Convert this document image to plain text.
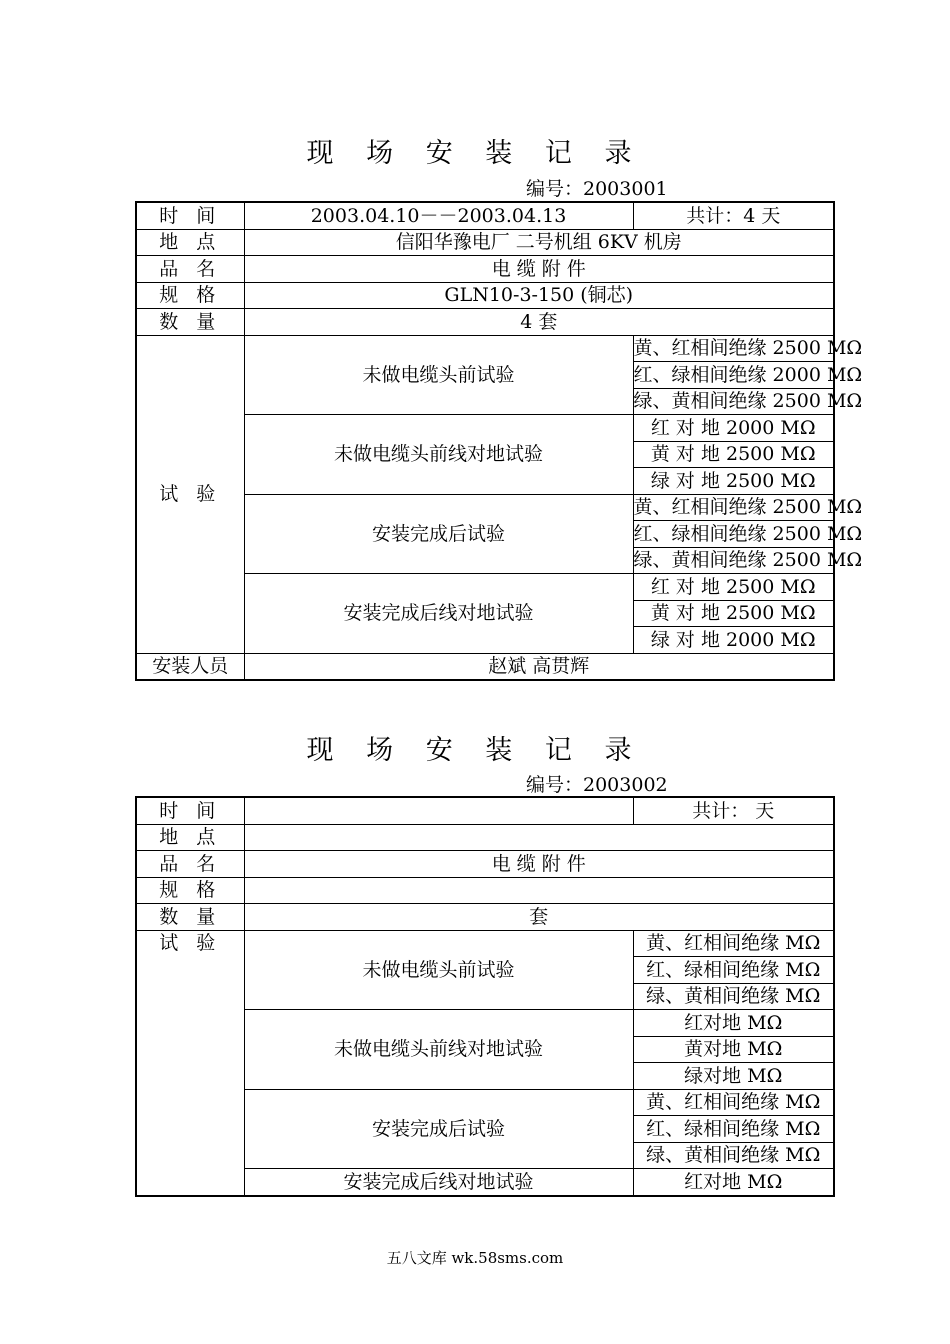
现 场 安 装 记 录
编号：2003001
时 间	2003.04.10－－2003.04.13	共计：4 天
地 点	信阳华豫电厂 二号机组 6KV 机房	
品 名	电 缆 附 件	
规 格	GLN10-3-150 (铜芯)	
数 量	4 套	
试 验	未做电缆头前试验	黄、红相间绝缘 2500 MΩ
		红、绿相间绝缘 2000 MΩ
		绿、黄相间绝缘 2500 MΩ
	未做电缆头前线对地试验	红 对 地 2000 MΩ
		黄 对 地 2500 MΩ
		绿 对 地 2500 MΩ
	安装完成后试验	黄、红相间绝缘 2500 MΩ
		红、绿相间绝缘 2500 MΩ
		绿、黄相间绝缘 2500 MΩ
	安装完成后线对地试验	红 对 地 2500 MΩ
		黄 对 地 2500 MΩ
		绿 对 地 2000 MΩ
安装人员	赵斌 高贯辉	
现 场 安 装 记 录
编号：2003002
时 间		共计： 天
地 点		
品 名	电 缆 附 件	
规 格		
数 量	套	
试 验	未做电缆头前试验	黄、红相间绝缘 MΩ
		红、绿相间绝缘 MΩ
		绿、黄相间绝缘 MΩ
	未做电缆头前线对地试验	红对地 MΩ
		黄对地 MΩ
		绿对地 MΩ
	安装完成后试验	黄、红相间绝缘 MΩ
		红、绿相间绝缘 MΩ
		绿、黄相间绝缘 MΩ
	安装完成后线对地试验	红对地 MΩ
五八文库 wk.58sms.com
